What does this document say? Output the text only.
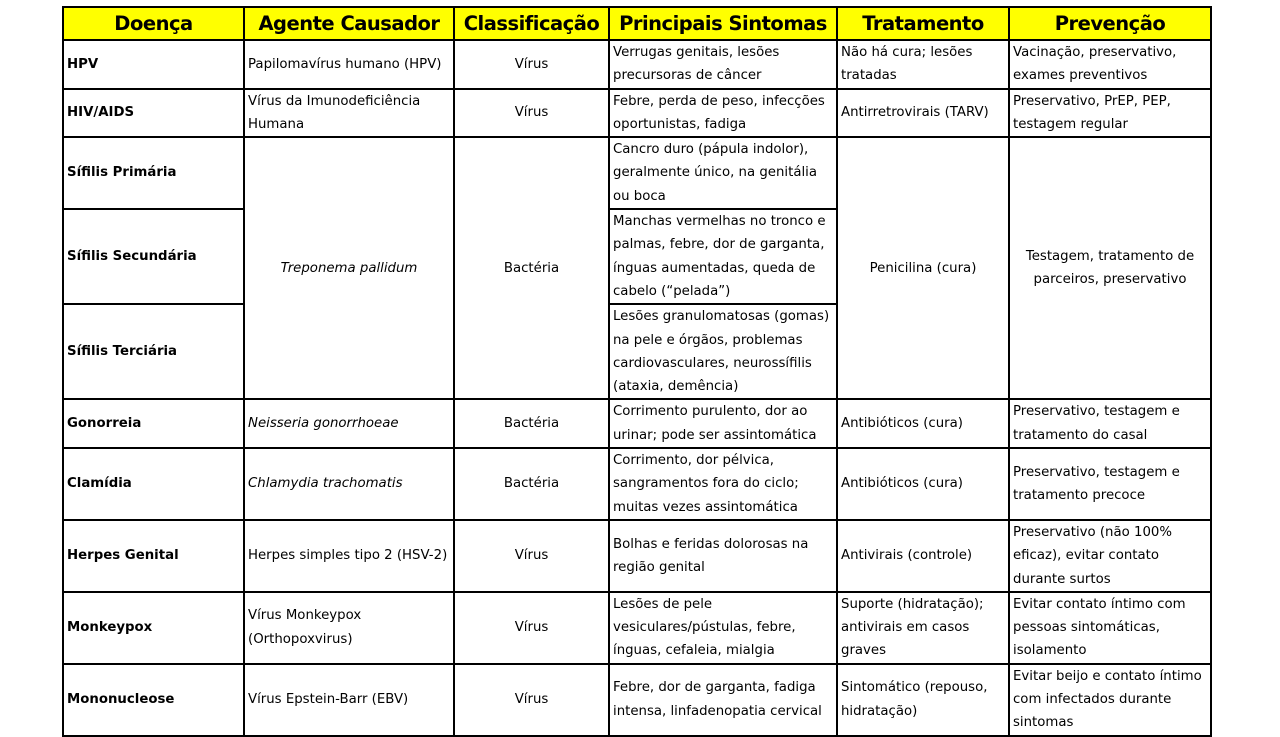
Doença	Agente Causador	Classificação	Principais Sintomas	Tratamento	Prevenção
HPV	Papilomavírus humano (HPV)	Vírus	Verrugas genitais, lesões precursoras de câncer	Não há cura; lesões tratadas	Vacinação, preservativo, exames preventivos
HIV/AIDS	Vírus da Imunodeficiência Humana	Vírus	Febre, perda de peso, infecções oportunistas, fadiga	Antirretrovirais (TARV)	Preservativo, PrEP, PEP, testagem regular
Sífilis Primária	Treponema pallidum	Bactéria	Cancro duro (pápula indolor), geralmente único, na genitália ou boca	Penicilina (cura)	Testagem, tratamento de parceiros, preservativo
Sífilis Secundária			Manchas vermelhas no tronco e palmas, febre, dor de garganta, ínguas aumentadas, queda de cabelo (“pelada”)		
Sífilis Terciária			Lesões granulomatosas (gomas) na pele e órgãos, problemas cardiovasculares, neurossífilis (ataxia, demência)		
Gonorreia	Neisseria gonorrhoeae	Bactéria	Corrimento purulento, dor ao urinar; pode ser assintomática	Antibióticos (cura)	Preservativo, testagem e tratamento do casal
Clamídia	Chlamydia trachomatis	Bactéria	Corrimento, dor pélvica, sangramentos fora do ciclo; muitas vezes assintomática	Antibióticos (cura)	Preservativo, testagem e tratamento precoce
Herpes Genital	Herpes simples tipo 2 (HSV-2)	Vírus	Bolhas e feridas dolorosas na região genital	Antivirais (controle)	Preservativo (não 100% eficaz), evitar contato durante surtos
Monkeypox	Vírus Monkeypox (Orthopoxvirus)	Vírus	Lesões de pele vesiculares/pústulas, febre, ínguas, cefaleia, mialgia	Suporte (hidratação); antivirais em casos graves	Evitar contato íntimo com pessoas sintomáticas, isolamento
Mononucleose	Vírus Epstein-Barr (EBV)	Vírus	Febre, dor de garganta, fadiga intensa, linfadenopatia cervical	Sintomático (repouso, hidratação)	Evitar beijo e contato íntimo com infectados durante sintomas
